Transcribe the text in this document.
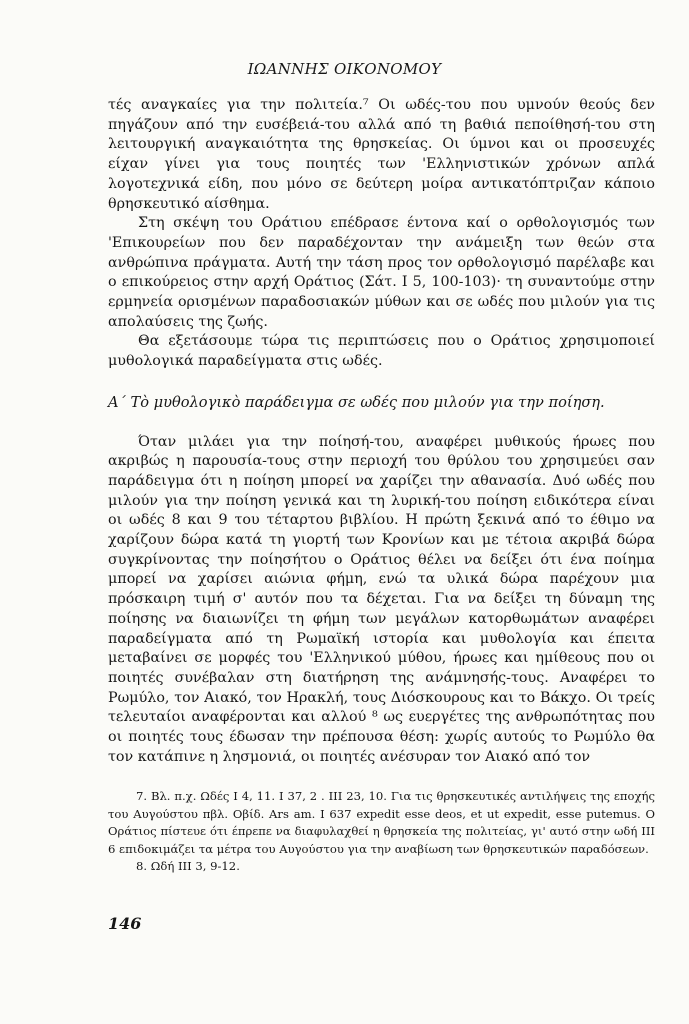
ΙΩΑΝΝΗΣ ΟΙΚΟΝΟΜΟΥ

τές αναγκαίες για την πολιτεία.⁷ Οι ωδές-του που υμνούν θεούς δεν πηγάζουν από την ευσέβειά-του αλλά από τη βαθιά πεποίθησή-του στη λειτουργική αναγκαιότητα της θρησκείας. Οι ύμνοι και οι προσευχές είχαν γίνει για τους ποιητές των 'Ελληνιστικών χρόνων απλά λογοτεχνικά είδη, που μόνο σε δεύτερη μοίρα αντικατόπτριζαν κάποιο θρησκευτικό αίσθημα.

Στη σκέψη του Οράτιου επέδρασε έντονα καί ο ορθολογισμός των 'Επικουρείων που δεν παραδέχονταν την ανάμειξη των θεών στα ανθρώπινα πράγματα. Αυτή την τάση προς τον ορθολογισμό παρέλαβε και ο επικούρειος στην αρχή Οράτιος (Σάτ. Ι 5, 100-103)· τη συναντούμε στην ερμηνεία ορισμένων παραδοσιακών μύθων και σε ωδές που μιλούν για τις απολαύσεις της ζωής.

Θα εξετάσουμε τώρα τις περιπτώσεις που ο Οράτιος χρησιμοποιεί μυθολογικά παραδείγματα στις ωδές.

Α΄ Τὸ μυθολογικὸ παράδειγμα σε ωδές που μιλούν για την ποίηση.

Όταν μιλάει για την ποίησή-του, αναφέρει μυθικούς ήρωες που ακριβώς η παρουσία-τους στην περιοχή του θρύλου του χρησιμεύει σαν παράδειγμα ότι η ποίηση μπορεί να χαρίζει την αθανασία. Δυό ωδές που μιλούν για την ποίηση γενικά και τη λυρική-του ποίηση ειδικότερα είναι οι ωδές 8 και 9 του τέταρτου βιβλίου. Η πρώτη ξεκινά από το έθιμο να χαρίζουν δώρα κατά τη γιορτή των Κρονίων και με τέτοια ακριβά δώρα συγκρίνοντας την ποίησήτου ο Οράτιος θέλει να δείξει ότι ένα ποίημα μπορεί να χαρίσει αιώνια φήμη, ενώ τα υλικά δώρα παρέχουν μια πρόσκαιρη τιμή σ' αυτόν που τα δέχεται. Για να δείξει τη δύναμη της ποίησης να διαιωνίζει τη φήμη των μεγάλων κατορθωμάτων αναφέρει παραδείγματα από τη Ρωμαϊκή ιστορία και μυθολογία και έπειτα μεταβαίνει σε μορφές του 'Ελληνικού μύθου, ήρωες και ημίθεους που οι ποιητές συνέβαλαν στη διατήρηση της ανάμνησής-τους. Αναφέρει το Ρωμύλο, τον Αιακό, τον Ηρακλή, τους Διόσκουρους και το Βάκχο. Οι τρείς τελευταίοι αναφέρονται και αλλού ⁸ ως ευεργέτες της ανθρωπότητας που οι ποιητές τους έδωσαν την πρέπουσα θέση: χωρίς αυτούς το Ρωμύλο θα τον κατάπινε η λησμονιά, οι ποιητές ανέσυραν τον Αιακό από τον

7. Βλ. π.χ. Ωδές Ι 4, 11. Ι 37, 2 . ΙΙΙ 23, 10. Για τις θρησκευτικές αντιλήψεις της εποχής του Αυγούστου πβλ. Οβίδ. Ars am. Ι 637 expedit esse deos, et ut expedit, esse putemus. Ο Οράτιος πίστευε ότι έπρεπε να διαφυλαχθεί η θρησκεία της πολιτείας, γι' αυτό στην ωδή ΙΙΙ 6 επιδοκιμάζει τα μέτρα του Αυγούστου για την αναβίωση των θρησκευτικών παραδόσεων.

8. Ωδή ΙΙΙ 3, 9-12.

146
